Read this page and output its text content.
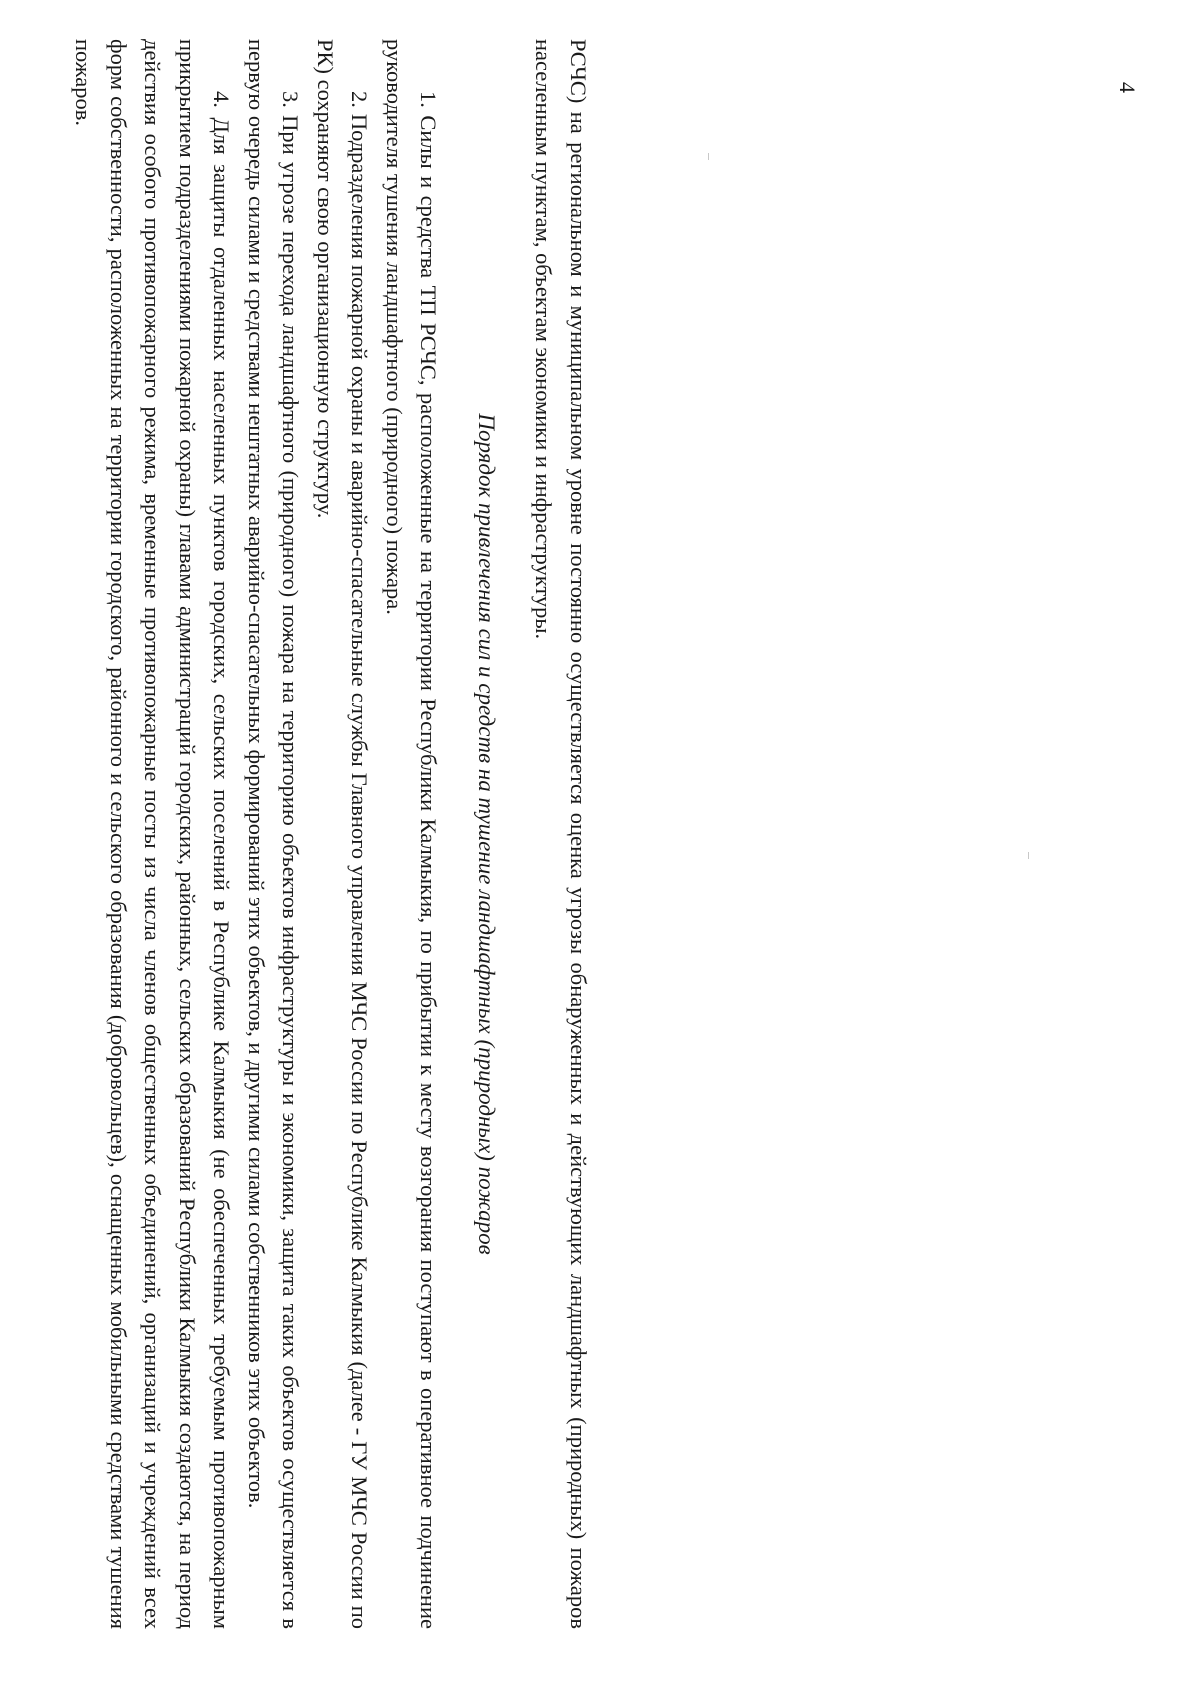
4

РСЧС) на региональном и муниципальном уровне постоянно осуществляется оценка угрозы обнаруженных и действующих ландшафтных (природных) пожаров населенным пунктам, объектам экономики и инфраструктуры.

Порядок привлечения сил и средств на тушение ландшафтных (природных) пожаров

1. Силы и средства ТП РСЧС, расположенные на территории Республики Калмыкия, по прибытии к месту возгорания поступают в оперативное подчинение руководителя тушения ландшафтного (природного) пожара.

2. Подразделения пожарной охраны и аварийно-спасательные службы Главного управления МЧС России по Республике Калмыкия (далее - ГУ МЧС России по РК) сохраняют свою организационную структуру.

3. При угрозе перехода ландшафтного (природного) пожара на территорию объектов инфраструктуры и экономики, защита таких объектов осуществляется в первую очередь силами и средствами нештатных аварийно-спасательных формирований этих объектов, и другими силами собственников этих объектов.

4. Для защиты отдаленных населенных пунктов городских, сельских поселений в Республике Калмыкия (не обеспеченных требуемым противопожарным прикрытием подразделениями пожарной охраны) главами администраций городских, районных, сельских образований Республики Калмыкия создаются, на период действия особого противопожарного режима, временные противопожарные посты из числа членов общественных объединений, организаций и учреждений всех форм собственности, расположенных на территории городского, районного и сельского образования (добровольцев), оснащенных мобильными средствами тушения пожаров.
